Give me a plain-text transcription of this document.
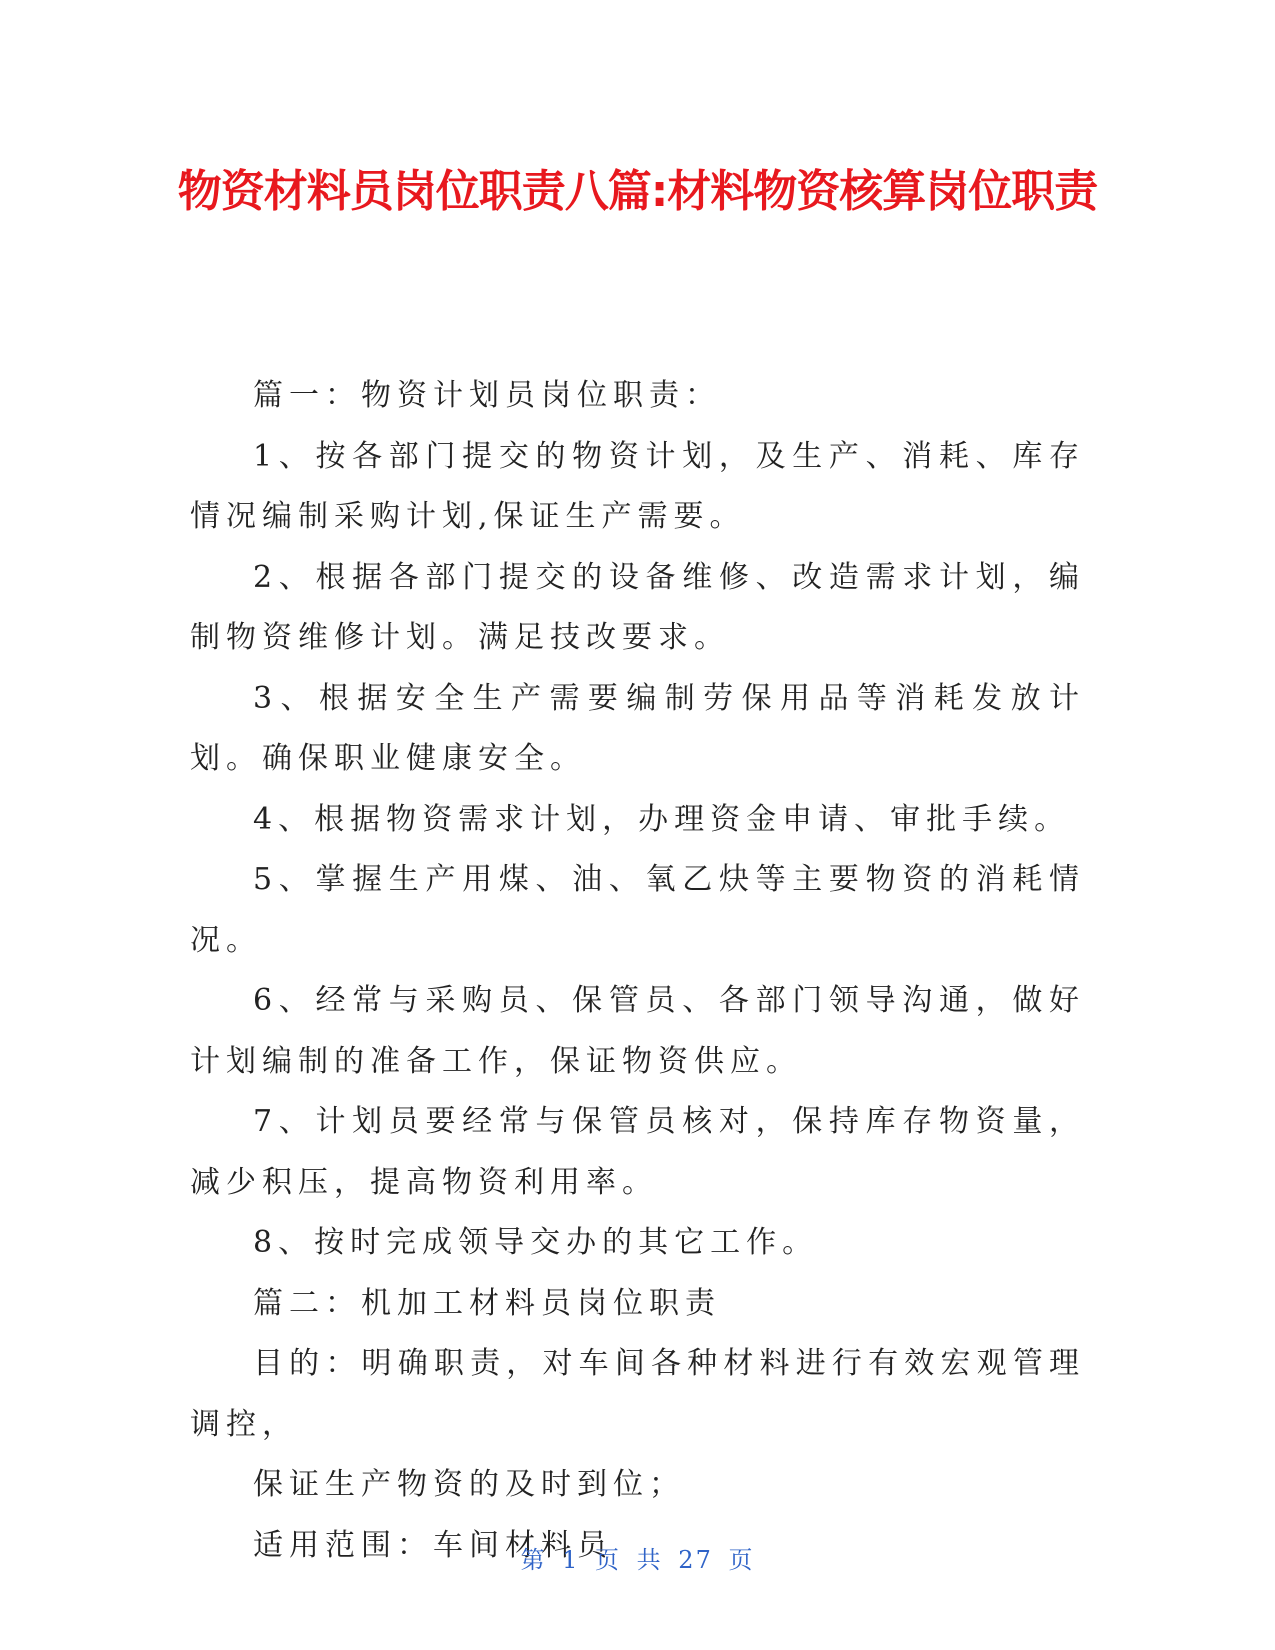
物资材料员岗位职责八篇:材料物资核算岗位职责

篇一：物资计划员岗位职责：

1、按各部门提交的物资计划，及生产、消耗、库存情况编制采购计划,保证生产需要。

2、根据各部门提交的设备维修、改造需求计划，编制物资维修计划。满足技改要求。

3、根据安全生产需要编制劳保用品等消耗发放计划。确保职业健康安全。

4、根据物资需求计划，办理资金申请、审批手续。

5、掌握生产用煤、油、氧乙炔等主要物资的消耗情况。

6、经常与采购员、保管员、各部门领导沟通，做好计划编制的准备工作，保证物资供应。

7、计划员要经常与保管员核对，保持库存物资量，减少积压，提高物资利用率。

8、按时完成领导交办的其它工作。

篇二：机加工材料员岗位职责

目的：明确职责，对车间各种材料进行有效宏观管理调控，

保证生产物资的及时到位；

适用范围：车间材料员

第 1 页 共 27 页
